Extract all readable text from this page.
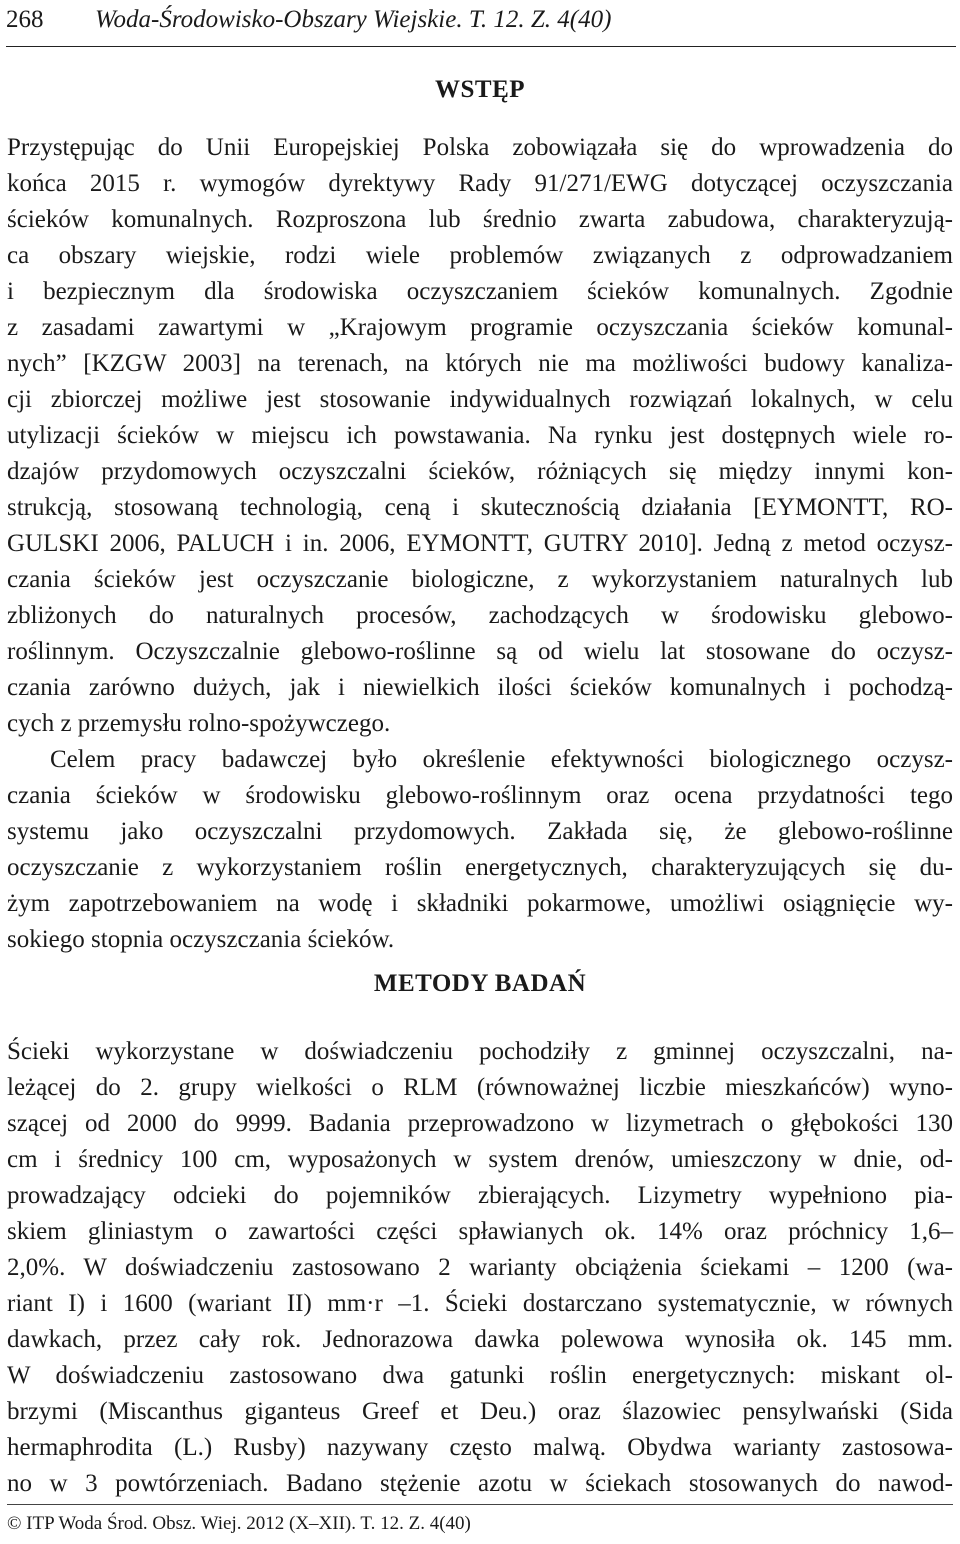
268 Woda-Środowisko-Obszary Wiejskie. T. 12. Z. 4(40)
WSTĘP
Przystępując do Unii Europejskiej Polska zobowiązała się do wprowadzenia do
końca 2015 r. wymogów dyrektywy Rady 91/271/EWG dotyczącej oczyszczania
ścieków komunalnych. Rozproszona lub średnio zwarta zabudowa, charakteryzują-
ca obszary wiejskie, rodzi wiele problemów związanych z odprowadzaniem
i bezpiecznym dla środowiska oczyszczaniem ścieków komunalnych. Zgodnie
z zasadami zawartymi w „Krajowym programie oczyszczania ścieków komunal-
nych” [KZGW 2003] na terenach, na których nie ma możliwości budowy kanaliza-
cji zbiorczej możliwe jest stosowanie indywidualnych rozwiązań lokalnych, w celu
utylizacji ścieków w miejscu ich powstawania. Na rynku jest dostępnych wiele ro-
dzajów przydomowych oczyszczalni ścieków, różniących się między innymi kon-
strukcją, stosowaną technologią, ceną i skutecznością działania [EYMONTT, RO-
GULSKI 2006, PALUCH i in. 2006, EYMONTT, GUTRY 2010]. Jedną z metod oczysz-
czania ścieków jest oczyszczanie biologiczne, z wykorzystaniem naturalnych lub
zbliżonych do naturalnych procesów, zachodzących w środowisku glebowo-
roślinnym. Oczyszczalnie glebowo-roślinne są od wielu lat stosowane do oczysz-
czania zarówno dużych, jak i niewielkich ilości ścieków komunalnych i pochodzą-
cych z przemysłu rolno-spożywczego.
Celem pracy badawczej było określenie efektywności biologicznego oczysz-
czania ścieków w środowisku glebowo-roślinnym oraz ocena przydatności tego
systemu jako oczyszczalni przydomowych. Zakłada się, że glebowo-roślinne
oczyszczanie z wykorzystaniem roślin energetycznych, charakteryzujących się du-
żym zapotrzebowaniem na wodę i składniki pokarmowe, umożliwi osiągnięcie wy-
sokiego stopnia oczyszczania ścieków.
METODY BADAŃ
Ścieki wykorzystane w doświadczeniu pochodziły z gminnej oczyszczalni, na-
leżącej do 2. grupy wielkości o RLM (równoważnej liczbie mieszkańców) wyno-
szącej od 2000 do 9999. Badania przeprowadzono w lizymetrach o głębokości 130
cm i średnicy 100 cm, wyposażonych w system drenów, umieszczony w dnie, od-
prowadzający odcieki do pojemników zbierających. Lizymetry wypełniono pia-
skiem gliniastym o zawartości części spławianych ok. 14% oraz próchnicy 1,6–
2,0%. W doświadczeniu zastosowano 2 warianty obciążenia ściekami – 1200 (wa-
riant I) i 1600 (wariant II) mm·r –1. Ścieki dostarczano systematycznie, w równych
dawkach, przez cały rok. Jednorazowa dawka polewowa wynosiła ok. 145 mm.
W doświadczeniu zastosowano dwa gatunki roślin energetycznych: miskant ol-
brzymi (Miscanthus giganteus Greef et Deu.) oraz ślazowiec pensylwański (Sida
hermaphrodita (L.) Rusby) nazywany często malwą. Obydwa warianty zastosowa-
no w 3 powtórzeniach. Badano stężenie azotu w ściekach stosowanych do nawod-
© ITP Woda Środ. Obsz. Wiej. 2012 (X–XII). T. 12. Z. 4(40)
